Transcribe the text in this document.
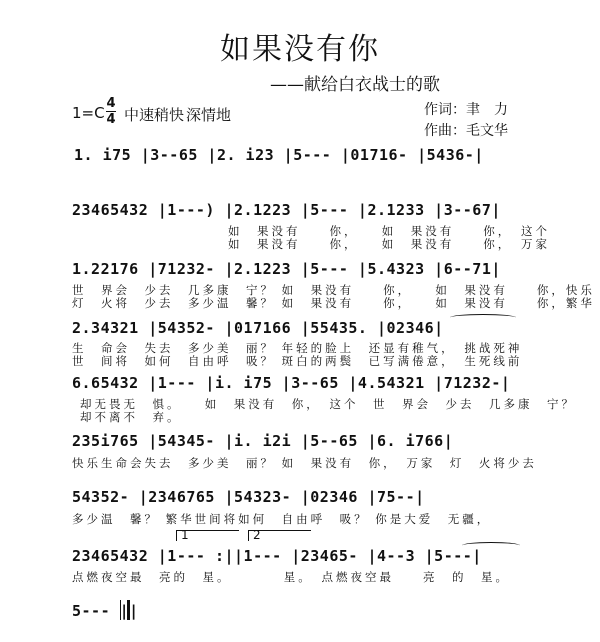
如果没有你
——献给白衣战士的歌
1=C
4
4 中速稍快 深情地	作词：聿　力
作曲：毛文华
1. i75 |3--65 |2. i23 |5--- |01716- |5436-|
23465432 |1---) |2.1223 |5--- |2.1233 |3--67|
如　果没有　　你，　　如　果没有　　你，　这个
如　果没有　　你，　　如　果没有　　你，　万家
1.22176 |71232- |2.1223 |5--- |5.4323 |6--71|
世　界会　少去　几多康　宁？ 如　果没有　　你，　　如　果没有　　你，快乐
灯　火将　少去　多少温　馨？ 如　果没有　　你，　　如　果没有　　你，繁华
2.34321 |54352- |017166 |55435. |02346|
生　命会　失去　多少美　丽？ 年轻的脸上　还显有稚气，　挑战死神
世　间将　如何　自由呼　吸？ 斑白的两鬓　已写满倦意，　生死线前
6.65432 |1--- |i. i75 |3--65 |4.54321 |71232-|
却无畏无　惧。　　如　果没有　你，　这个　世　界会　少去　几多康　宁？
却不离不　弃。
235i765 |54345- |i. i2i |5--65 |6. i766|
快乐生命会失去　多少美　丽？ 如　果没有　你，　万家　灯　火将少去
54352- |2346765 |54323- |02346 |75--|
多少温　馨？ 繁华世间将如何　自由呼　吸？ 你是大爱　无疆，
1	2
23465432 |1--- :||1--- |23465- |4--3 |5---|
点燃夜空最　亮的　星。　　　　星。　点燃夜空最　　亮　的　星。
5--- ||
